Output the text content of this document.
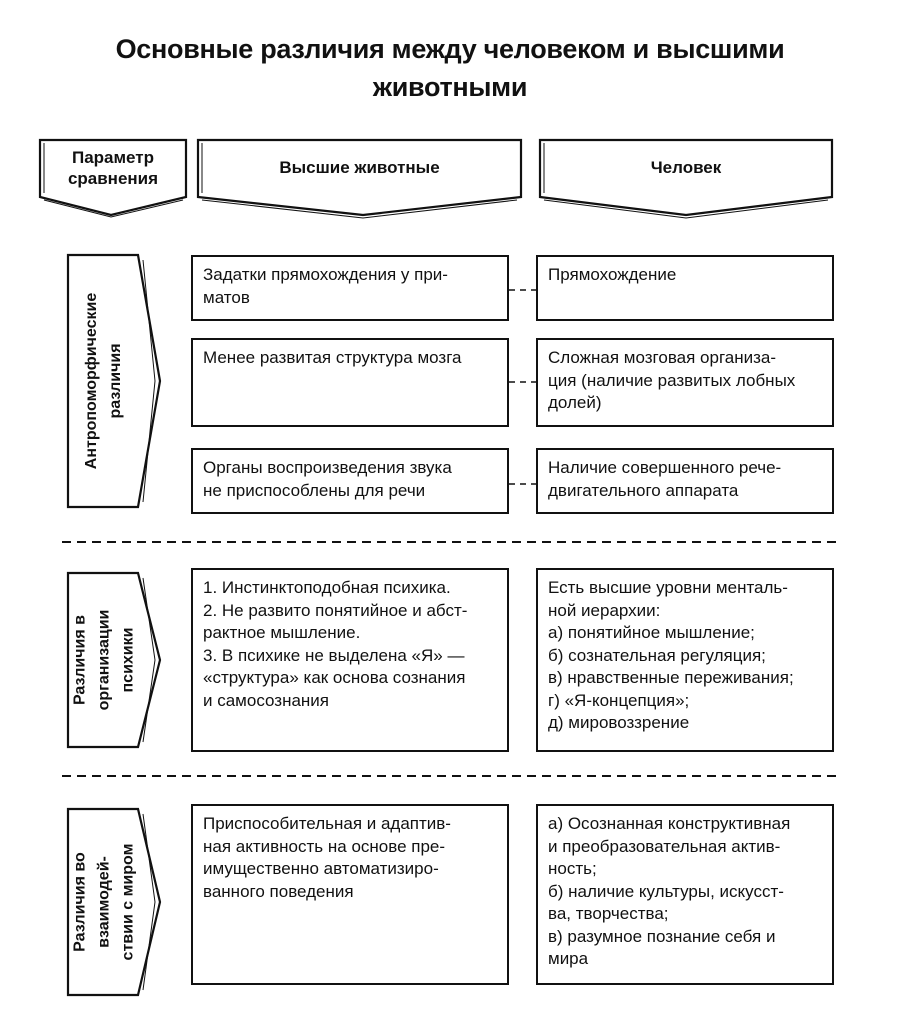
Основные различия между человеком и высшими
животными
Параметр
сравнения
Высшие животные	Человек
Антропоморфические различия
Различия в организации психики
Различия во взаимодей- ствии с миром
Задатки прямохождения у при-
матов
Прямохождение
Менее развитая структура мозга	Сложная мозговая организа-
ция (наличие развитых лобных
долей)
Органы воспроизведения звука
не приспособлены для речи
Наличие совершенного рече-
двигательного аппарата
1. Инстинктоподобная психика.
2. Не развито понятийное и абст-
рактное мышление.
3. В психике не выделена «Я» —
«структура» как основа сознания
и самосознания
Есть высшие уровни менталь-
ной иерархии:
а) понятийное мышление;
б) сознательная регуляция;
в) нравственные переживания;
г) «Я-концепция»;
д) мировоззрение
Приспособительная и адаптив-
ная активность на основе пре-
имущественно автоматизиро-
ванного поведения
а) Осознанная конструктивная
и преобразовательная актив-
ность;
б) наличие культуры, искусст-
ва, творчества;
в) разумное познание себя и
мира
